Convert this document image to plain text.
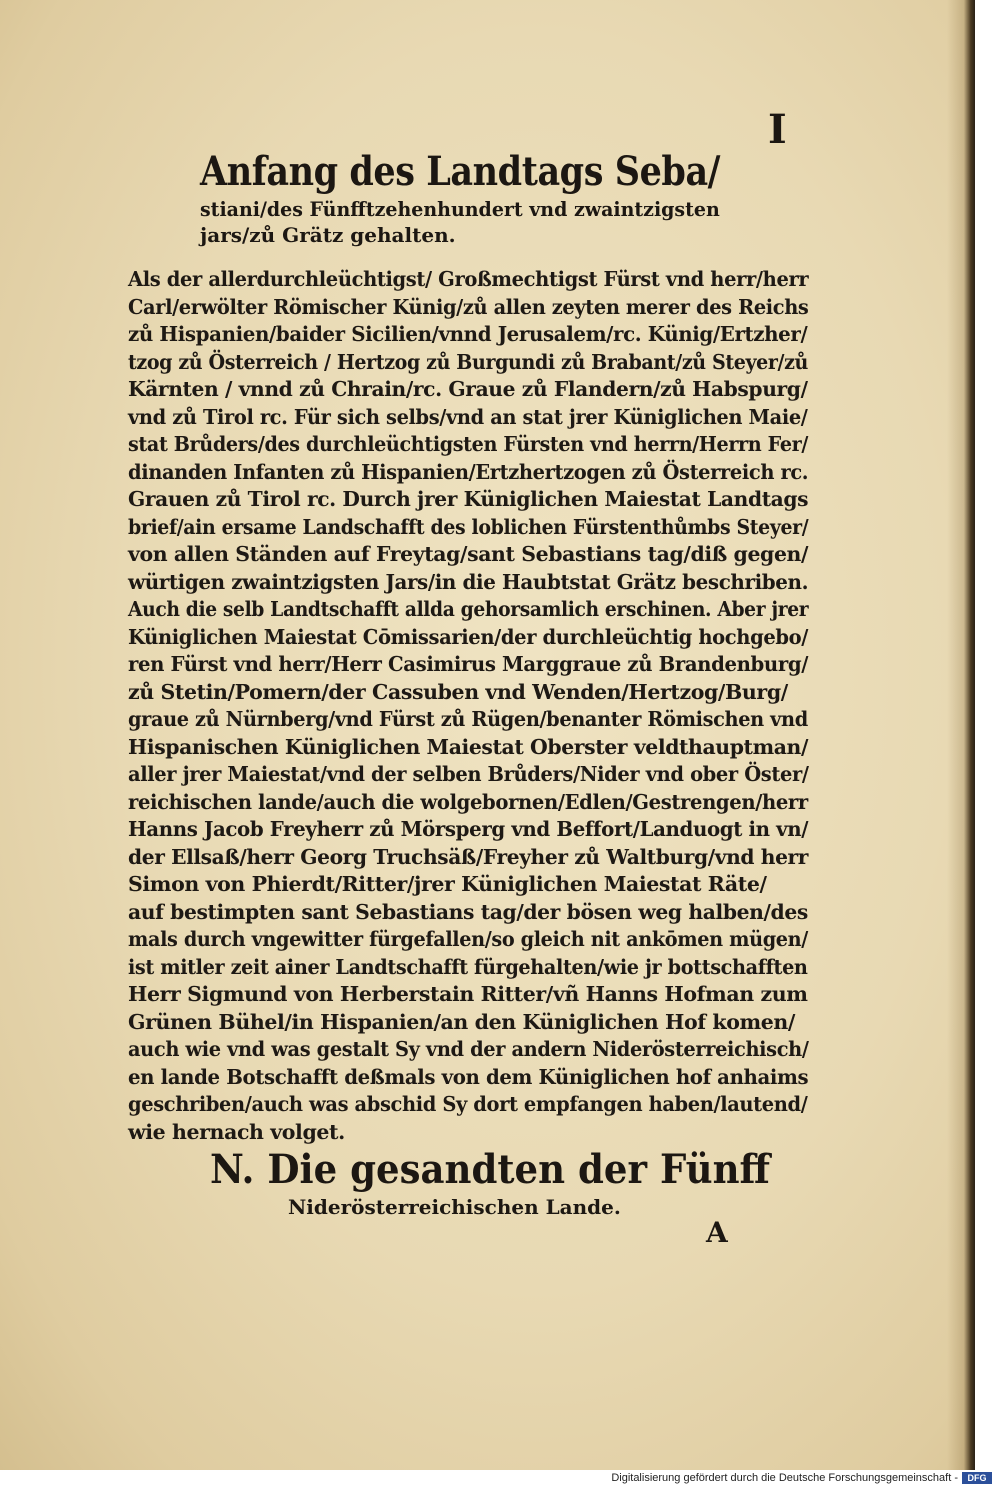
I
Anfang des Landtags Seba/
stiani/des Fünfftzehenhundert vnd zwaintzigsten
jars/zů Grätz gehalten.
Als der allerdurchleüchtigst/ Großmechtigst Fürst vnd herr/herr
Carl/erwölter Römischer Künig/zů allen zeyten merer des Reichs
zů Hispanien/baider Sicilien/vnnd Jerusalem/rc. Künig/Ertzher/
tzog zů Österreich / Hertzog zů Burgundi zů Brabant/zů Steyer/zů
Kärnten / vnnd zů Chrain/rc. Graue zů Flandern/zů Habspurg/
vnd zů Tirol rc. Für sich selbs/vnd an stat jrer Küniglichen Maie/
stat Brůders/des durchleüchtigsten Fürsten vnd herrn/Herrn Fer/
dinanden Infanten zů Hispanien/Ertzhertzogen zů Österreich rc.
Grauen zů Tirol rc. Durch jrer Küniglichen Maiestat Landtags
brief/ain ersame Landschafft des loblichen Fürstenthůmbs Steyer/
von allen Ständen auf Freytag/sant Sebastians tag/diß gegen/
würtigen zwaintzigsten Jars/in die Haubtstat Grätz beschriben.
Auch die selb Landtschafft allda gehorsamlich erschinen. Aber jrer
Küniglichen Maiestat Cōmissarien/der durchleüchtig hochgebo/
ren Fürst vnd herr/Herr Casimirus Marggraue zů Brandenburg/
zů Stetin/Pomern/der Cassuben vnd Wenden/Hertzog/Burg/
graue zů Nürnberg/vnd Fürst zů Rügen/benanter Römischen vnd
Hispanischen Küniglichen Maiestat Oberster veldthauptman/
aller jrer Maiestat/vnd der selben Brůders/Nider vnd ober Öster/
reichischen lande/auch die wolgebornen/Edlen/Gestrengen/herr
Hanns Jacob Freyherr zů Mörsperg vnd Beffort/Landuogt in vn/
der Ellsaß/herr Georg Truchsäß/Freyher zů Waltburg/vnd herr
Simon von Phierdt/Ritter/jrer Küniglichen Maiestat Räte/
auf bestimpten sant Sebastians tag/der bösen weg halben/des
mals durch vngewitter fürgefallen/so gleich nit ankōmen mügen/
ist mitler zeit ainer Landtschafft fürgehalten/wie jr bottschafften
Herr Sigmund von Herberstain Ritter/vñ Hanns Hofman zum
Grünen Bühel/in Hispanien/an den Küniglichen Hof komen/
auch wie vnd was gestalt Sy vnd der andern Niderösterreichisch/
en lande Botschafft deßmals von dem Küniglichen hof anhaims
geschriben/auch was abschid Sy dort empfangen haben/lautend/
wie hernach volget.
N. Die gesandten der Fünff
Niderösterreichischen Lande.
A
Digitalisierung gefördert durch die Deutsche Forschungsgemeinschaft -	DFG
